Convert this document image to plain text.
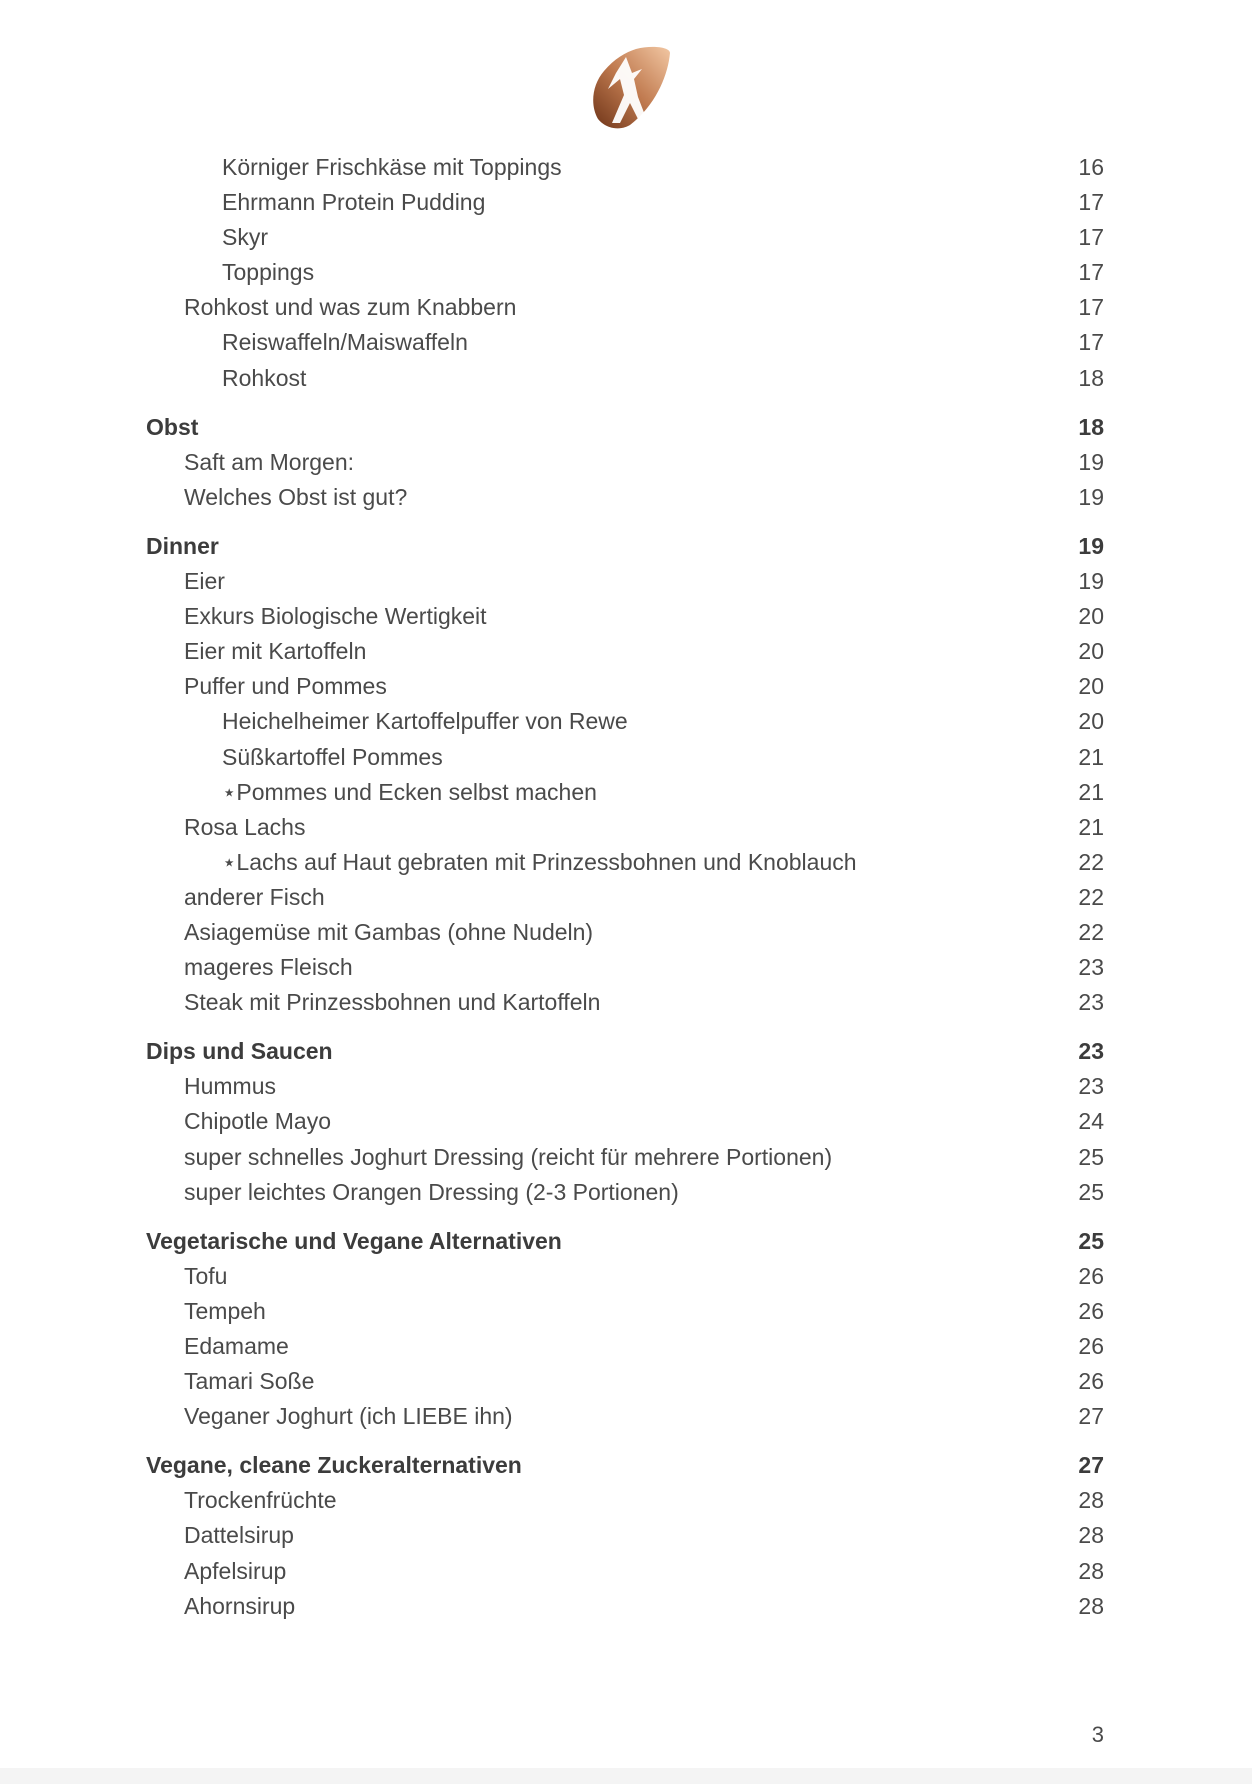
Körniger Frischkäse mit Toppings	16
Ehrmann Protein Pudding	17
Skyr	17
Toppings	17
Rohkost und was zum Knabbern	17
Reiswaffeln/Maiswaffeln	17
Rohkost	18
Obst	18
Saft am Morgen:	19
Welches Obst ist gut?	19
Dinner	19
Eier	19
Exkurs Biologische Wertigkeit	20
Eier mit Kartoffeln	20
Puffer und Pommes	20
Heichelheimer Kartoffelpuffer von Rewe	20
Süßkartoffel Pommes	21
⋆Pommes und Ecken selbst machen	21
Rosa Lachs	21
⋆Lachs auf Haut gebraten mit Prinzessbohnen und Knoblauch	22
anderer Fisch	22
Asiagemüse mit Gambas (ohne Nudeln)	22
mageres Fleisch	23
Steak mit Prinzessbohnen und Kartoffeln	23
Dips und Saucen	23
Hummus	23
Chipotle Mayo	24
super schnelles Joghurt Dressing (reicht für mehrere Portionen)	25
super leichtes Orangen Dressing (2-3 Portionen)	25
Vegetarische und Vegane Alternativen	25
Tofu	26
Tempeh	26
Edamame	26
Tamari Soße	26
Veganer Joghurt (ich LIEBE ihn)	27
Vegane, cleane Zuckeralternativen	27
Trockenfrüchte	28
Dattelsirup	28
Apfelsirup	28
Ahornsirup	28
3
